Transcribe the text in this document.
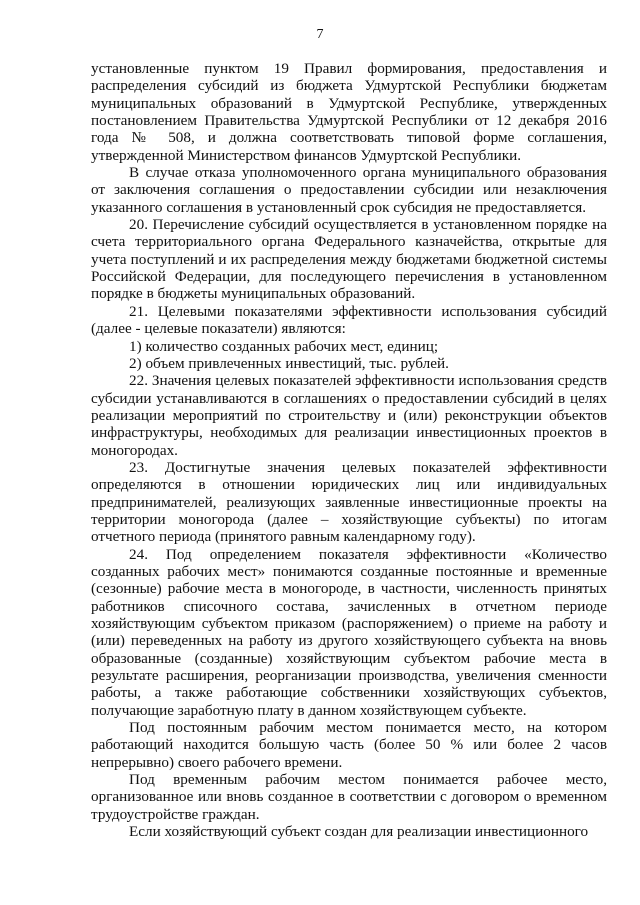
7

установленные пунктом 19 Правил формирования, предоставления и распределения субсидий из бюджета Удмуртской Республики бюджетам муниципальных образований в Удмуртской Республике, утвержденных постановлением Правительства Удмуртской Республики от 12 декабря 2016 года № 508, и должна соответствовать типовой форме соглашения, утвержденной Министерством финансов Удмуртской Республики.

В случае отказа уполномоченного органа муниципального образования от заключения соглашения о предоставлении субсидии или незаключения указанного соглашения в установленный срок субсидия не предоставляется.

20. Перечисление субсидий осуществляется в установленном порядке на счета территориального органа Федерального казначейства, открытые для учета поступлений и их распределения между бюджетами бюджетной системы Российской Федерации, для последующего перечисления в установленном порядке в бюджеты муниципальных образований.

21. Целевыми показателями эффективности использования субсидий (далее - целевые показатели) являются:

1) количество созданных рабочих мест, единиц;

2) объем привлеченных инвестиций, тыс. рублей.

22. Значения целевых показателей эффективности использования средств субсидии устанавливаются в соглашениях о предоставлении субсидий в целях реализации мероприятий по строительству и (или) реконструкции объектов инфраструктуры, необходимых для реализации инвестиционных проектов в моногородах.

23. Достигнутые значения целевых показателей эффективности определяются в отношении юридических лиц или индивидуальных предпринимателей, реализующих заявленные инвестиционные проекты на территории моногорода (далее – хозяйствующие субъекты) по итогам отчетного периода (принятого равным календарному году).

24. Под определением показателя эффективности «Количество созданных рабочих мест» понимаются созданные постоянные и временные (сезонные) рабочие места в моногороде, в частности, численность принятых работников списочного состава, зачисленных в отчетном периоде хозяйствующим субъектом приказом (распоряжением) о приеме на работу и (или) переведенных на работу из другого хозяйствующего субъекта на вновь образованные (созданные) хозяйствующим субъектом рабочие места в результате расширения, реорганизации производства, увеличения сменности работы, а также работающие собственники хозяйствующих субъектов, получающие заработную плату в данном хозяйствующем субъекте.

Под постоянным рабочим местом понимается место, на котором работающий находится большую часть (более 50 % или более 2 часов непрерывно) своего рабочего времени.

Под временным рабочим местом понимается рабочее место, организованное или вновь созданное в соответствии с договором о временном трудоустройстве граждан.

Если хозяйствующий субъект создан для реализации инвестиционного
